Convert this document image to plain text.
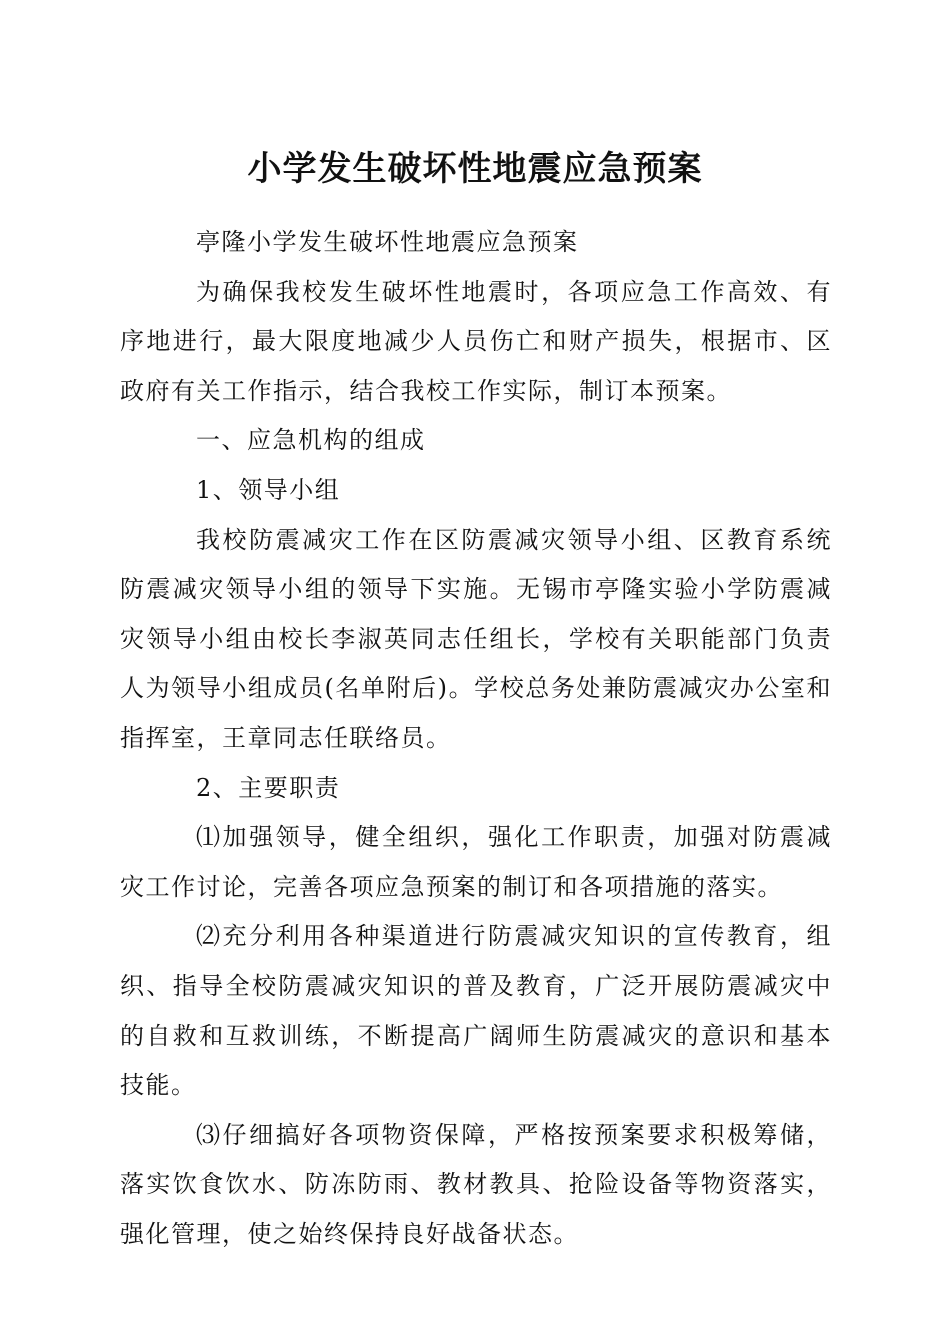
小学发生破坏性地震应急预案

亭隆小学发生破坏性地震应急预案

为确保我校发生破坏性地震时，各项应急工作高效、有序地进行，最大限度地减少人员伤亡和财产损失，根据市、区政府有关工作指示，结合我校工作实际，制订本预案。

一、应急机构的组成

1、领导小组

我校防震减灾工作在区防震减灾领导小组、区教育系统防震减灾领导小组的领导下实施。无锡市亭隆实验小学防震减灾领导小组由校长李淑英同志任组长，学校有关职能部门负责人为领导小组成员(名单附后)。学校总务处兼防震减灾办公室和指挥室，王章同志任联络员。

2、主要职责

⑴加强领导，健全组织，强化工作职责，加强对防震减灾工作讨论，完善各项应急预案的制订和各项措施的落实。

⑵充分利用各种渠道进行防震减灾知识的宣传教育，组织、指导全校防震减灾知识的普及教育，广泛开展防震减灾中的自救和互救训练，不断提高广阔师生防震减灾的意识和基本技能。

⑶仔细搞好各项物资保障，严格按预案要求积极筹储，落实饮食饮水、防冻防雨、教材教具、抢险设备等物资落实，强化管理，使之始终保持良好战备状态。
